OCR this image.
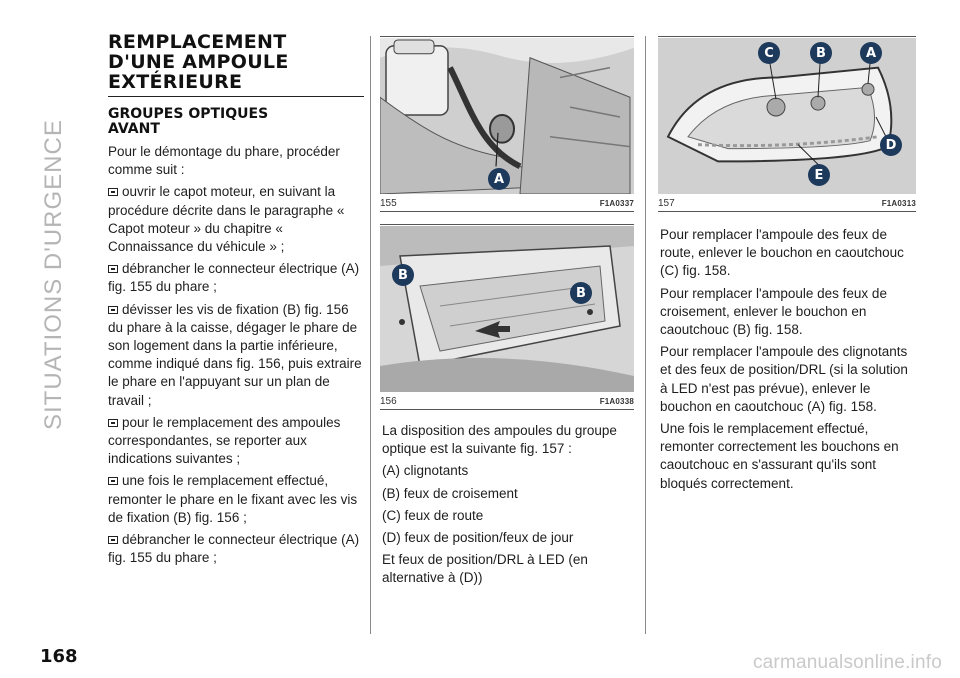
SITUATIONS D'URGENCE
REMPLACEMENT
D'UNE AMPOULE
EXTÉRIEURE
GROUPES OPTIQUES
AVANT

Pour le démontage du phare, procéder comme suit :

ouvrir le capot moteur, en suivant la procédure décrite dans le paragraphe « Capot moteur » du chapitre « Connaissance du véhicule » ;

débrancher le connecteur électrique (A) fig. 155 du phare ;

dévisser les vis de fixation (B) fig. 156 du phare à la caisse, dégager le phare de son logement dans la partie inférieure, comme indiqué dans fig. 156, puis extraire le phare en l'appuyant sur un plan de travail ;

pour le remplacement des ampoules correspondantes, se reporter aux indications suivantes ;

une fois le remplacement effectué, remonter le phare en le fixant avec les vis de fixation (B) fig. 156 ;

débrancher le connecteur électrique (A) fig. 155 du phare ;

A
155	F1A0337
B
B
156	F1A0338

La disposition des ampoules du groupe optique est la suivante fig. 157 :

(A) clignotants

(B) feux de croisement

(C) feux de route

(D) feux de position/feux de jour

Et feux de position/DRL à LED (en alternative à (D))

C	B	A
D
E
157	F1A0313

Pour remplacer l'ampoule des feux de route, enlever le bouchon en caoutchouc (C) fig. 158.

Pour remplacer l'ampoule des feux de croisement, enlever le bouchon en caoutchouc (B) fig. 158.

Pour remplacer l'ampoule des clignotants et des feux de position/DRL (si la solution à LED n'est pas prévue), enlever le bouchon en caoutchouc (A) fig. 158.

Une fois le remplacement effectué, remonter correctement les bouchons en caoutchouc en s'assurant qu'ils sont bloqués correctement.

168	carmanualsonline.info
